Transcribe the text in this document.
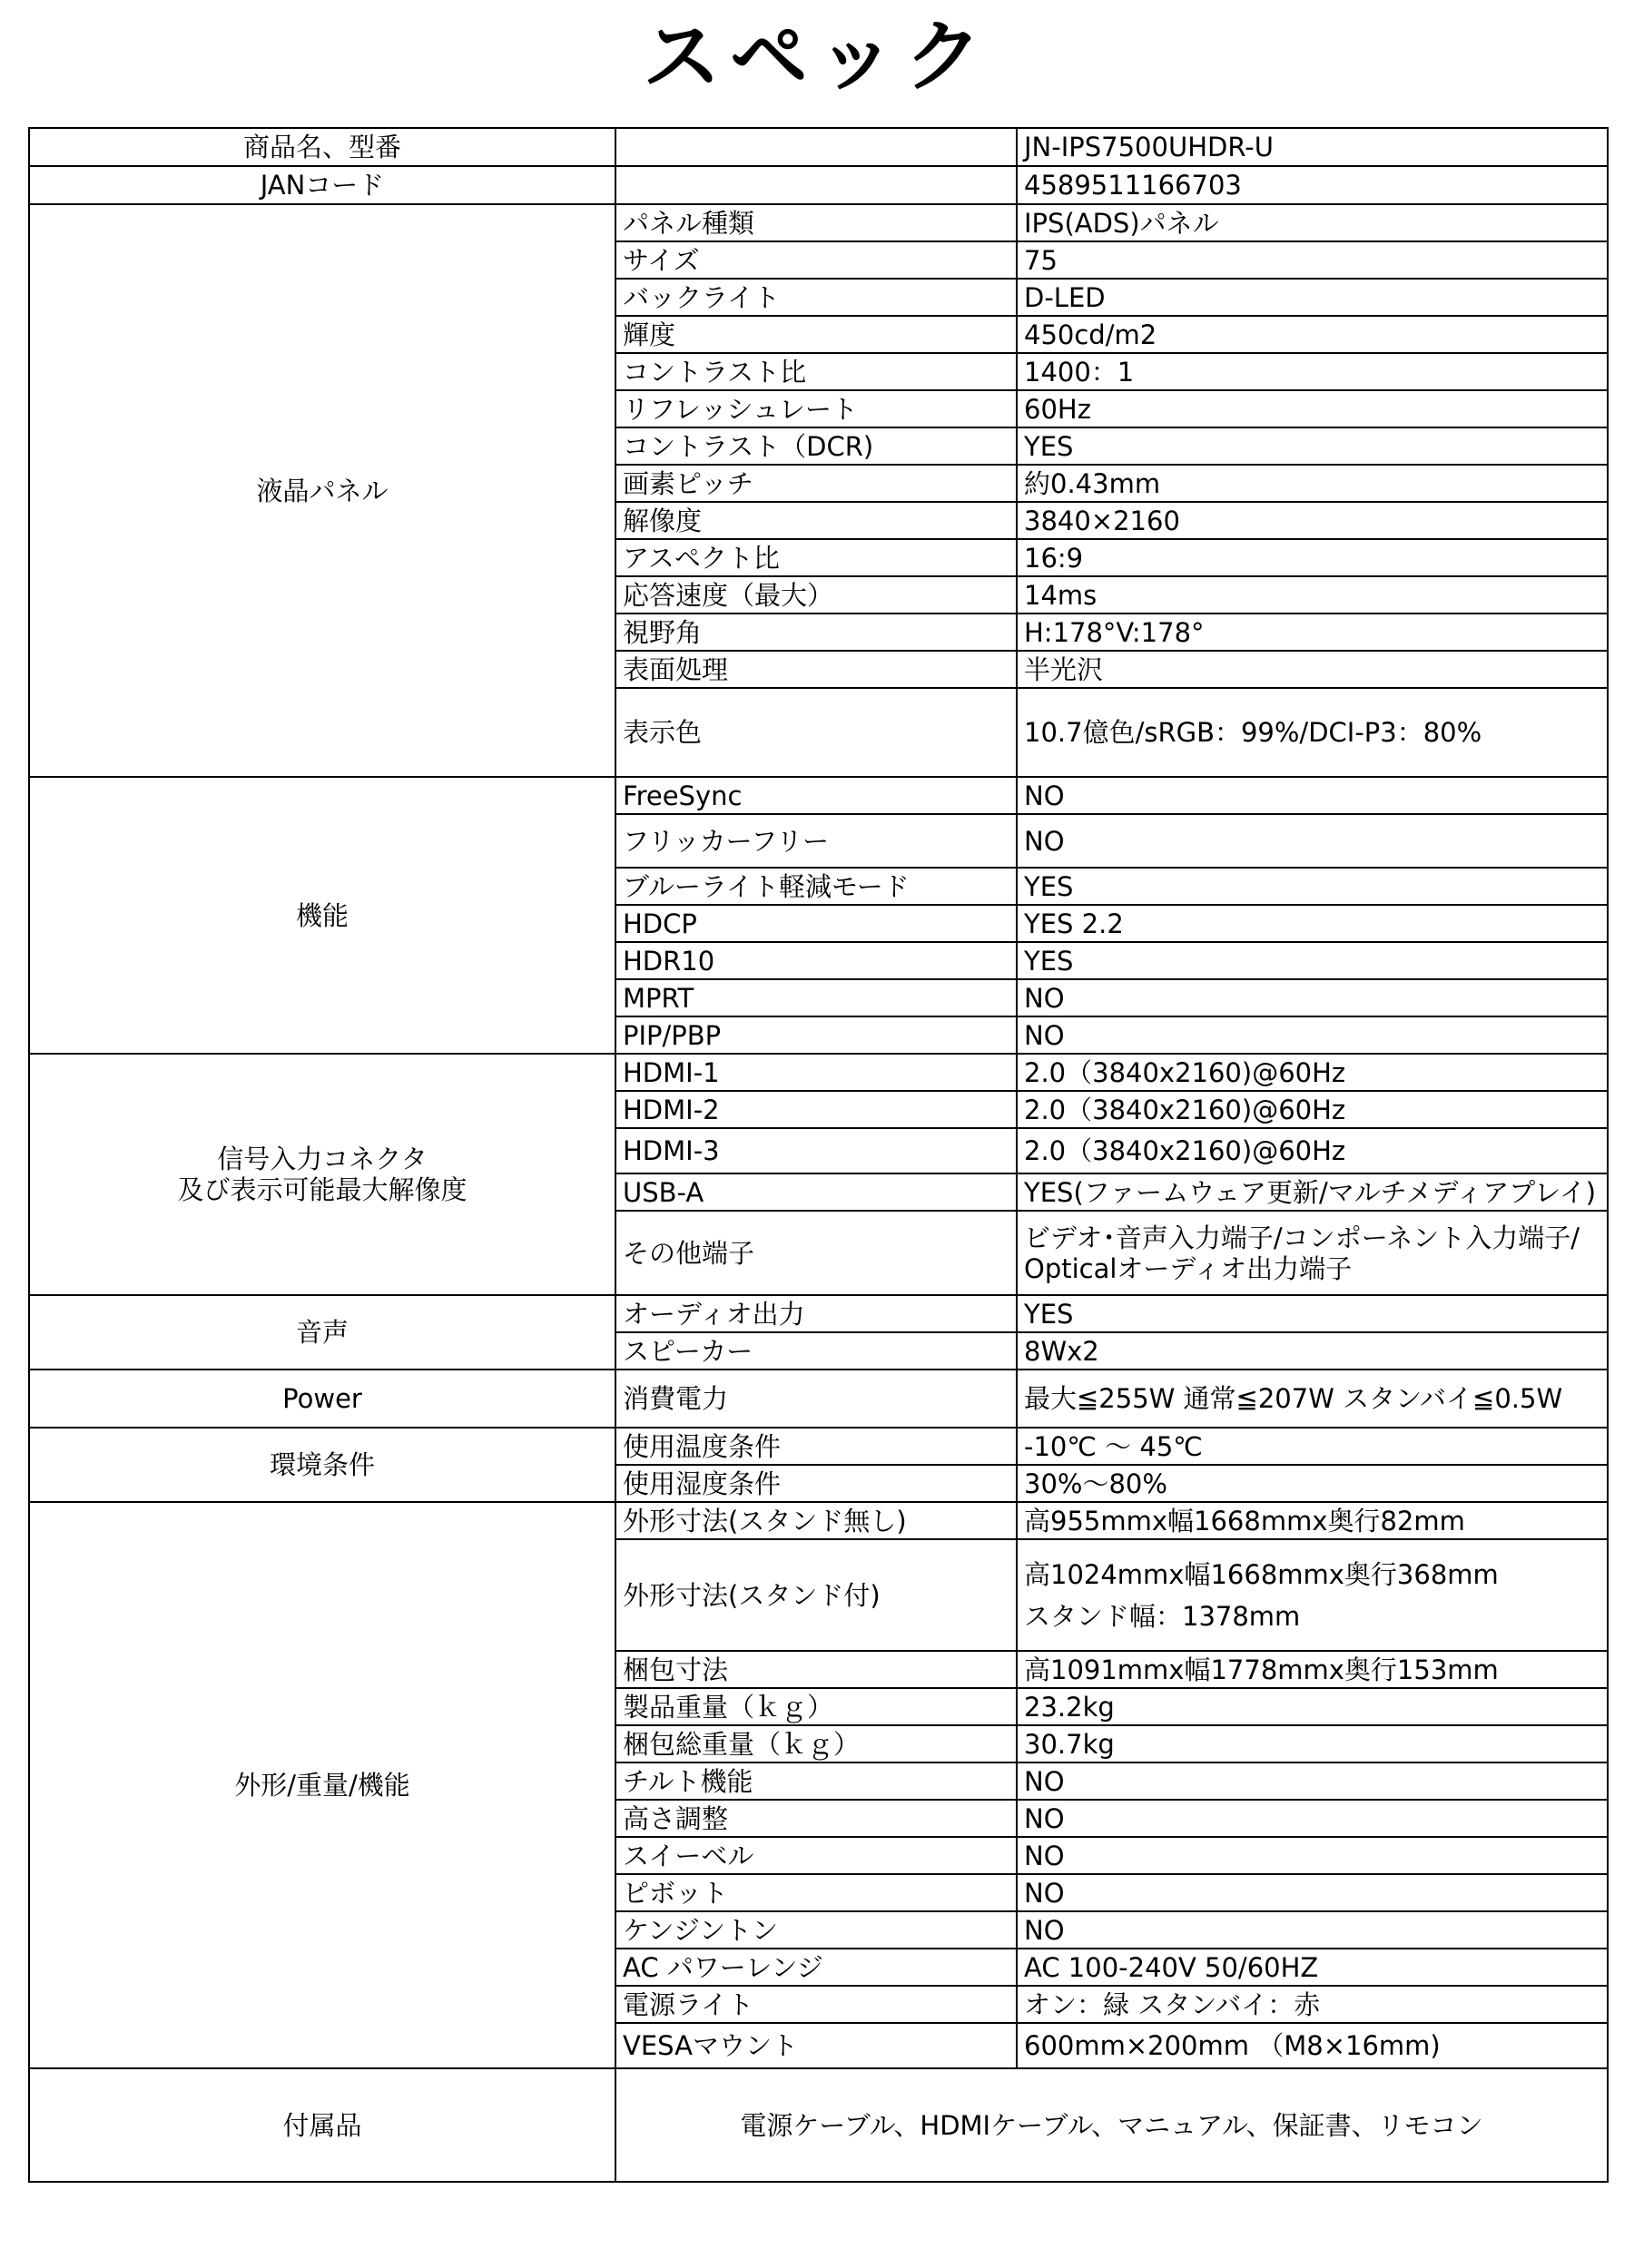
スペック
商品名、型番		JN-IPS7500UHDR-U
JANコード		4589511166703
液晶パネル	パネル種類	IPS(ADS)パネル
	サイズ	75
	バックライト	D-LED
	輝度	450cd/m2
	コントラスト比	1400：1
	リフレッシュレート	60Hz
	コントラスト（DCR)	YES
	画素ピッチ	約0.43mm
	解像度	3840×2160
	アスペクト比	16:9
	応答速度（最大）	14ms
	視野角	H:178°V:178°
	表面処理	半光沢
	表示色	10.7億色/sRGB：99%/DCI-P3：80%
機能	FreeSync	NO
	フリッカーフリー	NO
	ブルーライト軽減モード	YES
	HDCP	YES 2.2
	HDR10	YES
	MPRT	NO
	PIP/PBP	NO

信号入力コネクタ
及び表示可能最大解像度	HDMI-1	2.0（3840x2160)@60Hz
	HDMI-2	2.0（3840x2160)@60Hz
	HDMI-3	2.0（3840x2160)@60Hz
	USB-A	YES(ファームウェア更新/マルチメディアプレイ)
	その他端子	ビデオ･音声入力端子/コンポーネント入力端子/
Opticalオーディオ出力端子

音声	オーディオ出力	YES
	スピーカー	8Wx2
Power	消費電力	最大≦255W 通常≦207W スタンバイ≦0.5W
環境条件	使用温度条件	-10℃ ～ 45℃
	使用湿度条件	30%～80%
外形/重量/機能	外形寸法(スタンド無し)	高955mmx幅1668mmx奥行82mm
	外形寸法(スタンド付)	高1024mmx幅1668mmx奥行368mm
スタンド幅：1378mm

	梱包寸法	高1091mmx幅1778mmx奥行153mm
	製品重量（ｋｇ）	23.2kg
	梱包総重量（ｋｇ）	30.7kg
	チルト機能	NO
	高さ調整	NO
	スイーベル	NO
	ピボット	NO
	ケンジントン	NO
	AC パワーレンジ	AC 100-240V 50/60HZ
	電源ライト	オン：緑 スタンバイ：赤
	VESAマウント	600mm×200mm （M8×16mm)
付属品	電源ケーブル、HDMIケーブル、マニュアル、保証書、リモコン	
